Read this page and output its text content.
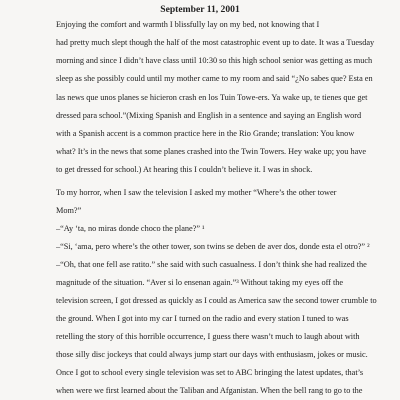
September 11, 2001
Enjoying the comfort and warmth I blissfully lay on my bed, not knowing that I
had pretty much slept though the half of the most catastrophic event up to date. It was a Tuesday
morning and since I didn’t have class until 10:30 so this high school senior was getting as much
sleep as she possibly could until my mother came to my room and said “¿No sabes que? Esta en
las news que unos planes se hicieron crash en los Tuin Towe-ers. Ya wake up, te tienes que get
dressed para school.”(Mixing Spanish and English in a sentence and saying an English word
with a Spanish accent is a common practice here in the Rio Grande; translation: You know
what? It’s in the news that some planes crashed into the Twin Towers. Hey wake up; you have
to get dressed for school.) At hearing this I couldn’t believe it. I was in shock.
To my horror, when I saw the television I asked my mother “Where’s the other tower
Mom?”
–“Ay ‘ta, no miras donde choco the plane?” ¹
–“Si, ‘ama, pero where’s the other tower, son twins se deben de aver dos, donde esta el otro?” ²
–“Oh, that one fell ase ratito.” she said with such casualness. I don’t think she had realized the
magnitude of the situation. “Aver si lo ensenan again.”³ Without taking my eyes off the
television screen, I got dressed as quickly as I could as America saw the second tower crumble to
the ground. When I got into my car I turned on the radio and every station I tuned to was
retelling the story of this horrible occurrence, I guess there wasn’t much to laugh about with
those silly disc jockeys that could always jump start our days with enthusiasm, jokes or music.
Once I got to school every single television was set to ABC bringing the latest updates, that’s
when were we first learned about the Taliban and Afganistan. When the bell rang to go to the
